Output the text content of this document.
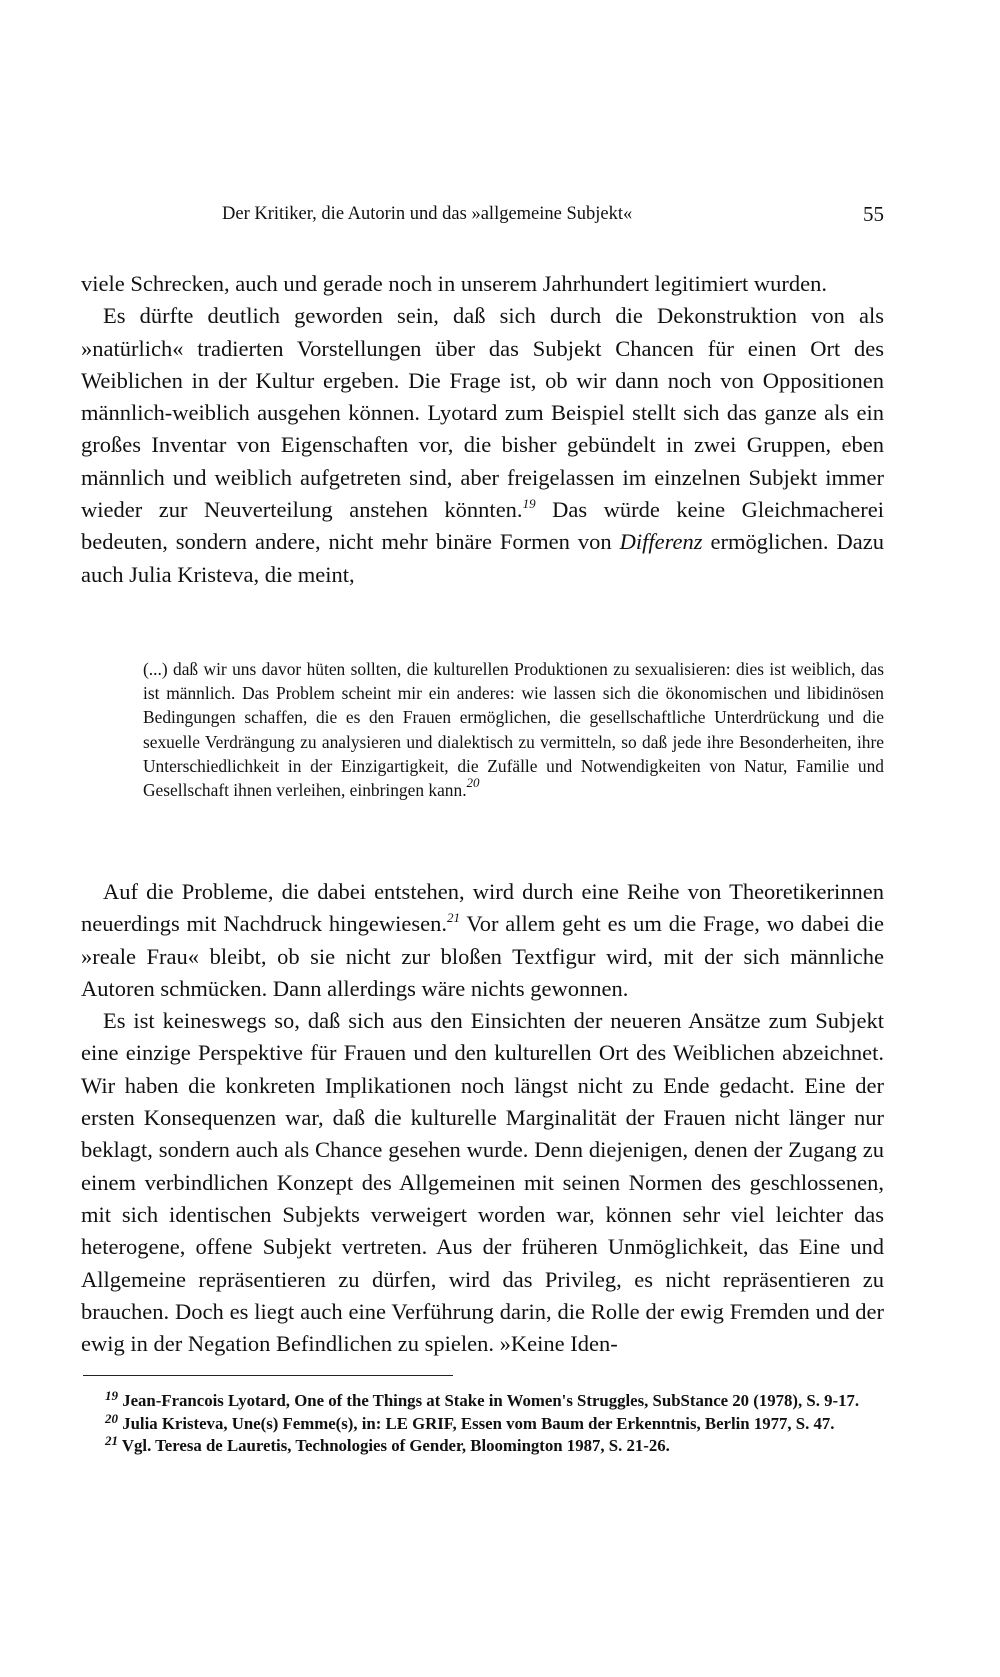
Der Kritiker, die Autorin und das »allgemeine Subjekt«	55

viele Schrecken, auch und gerade noch in unserem Jahrhundert legitimiert wurden.

Es dürfte deutlich geworden sein, daß sich durch die Dekonstruktion von als »natürlich« tradierten Vorstellungen über das Subjekt Chancen für einen Ort des Weiblichen in der Kultur ergeben. Die Frage ist, ob wir dann noch von Oppositionen männlich-weiblich ausgehen können. Lyotard zum Beispiel stellt sich das ganze als ein großes Inventar von Eigenschaften vor, die bisher gebündelt in zwei Gruppen, eben männlich und weiblich aufgetreten sind, aber freigelassen im einzelnen Subjekt immer wieder zur Neuverteilung anstehen könnten.$^{19}$ Das würde keine Gleichmacherei bedeuten, sondern andere, nicht mehr binäre Formen von Differenz ermöglichen. Dazu auch Julia Kristeva, die meint,

(...) daß wir uns davor hüten sollten, die kulturellen Produktionen zu sexualisieren: dies ist weiblich, das ist männlich. Das Problem scheint mir ein anderes: wie lassen sich die ökonomischen und libidinösen Bedingungen schaffen, die es den Frauen ermöglichen, die gesellschaftliche Unterdrückung und die sexuelle Verdrängung zu analysieren und dialektisch zu vermitteln, so daß jede ihre Besonderheiten, ihre Unterschiedlichkeit in der Einzigartigkeit, die Zufälle und Notwendigkeiten von Natur, Familie und Gesellschaft ihnen verleihen, einbringen kann.$^{20}$

Auf die Probleme, die dabei entstehen, wird durch eine Reihe von Theoretikerinnen neuerdings mit Nachdruck hingewiesen.$^{21}$ Vor allem geht es um die Frage, wo dabei die »reale Frau« bleibt, ob sie nicht zur bloßen Textfigur wird, mit der sich männliche Autoren schmücken. Dann allerdings wäre nichts gewonnen.

Es ist keineswegs so, daß sich aus den Einsichten der neueren Ansätze zum Subjekt eine einzige Perspektive für Frauen und den kulturellen Ort des Weiblichen abzeichnet. Wir haben die konkreten Implikationen noch längst nicht zu Ende gedacht. Eine der ersten Konsequenzen war, daß die kulturelle Marginalität der Frauen nicht länger nur beklagt, sondern auch als Chance gesehen wurde. Denn diejenigen, denen der Zugang zu einem verbindlichen Konzept des Allgemeinen mit seinen Normen des geschlossenen, mit sich identischen Subjekts verweigert worden war, können sehr viel leichter das heterogene, offene Subjekt vertreten. Aus der früheren Unmöglichkeit, das Eine und Allgemeine repräsentieren zu dürfen, wird das Privileg, es nicht repräsentieren zu brauchen. Doch es liegt auch eine Verführung darin, die Rolle der ewig Fremden und der ewig in der Negation Befindlichen zu spielen. »Keine Iden-

$^{19}$ Jean-Francois Lyotard, One of the Things at Stake in Women's Struggles, SubStance 20 (1978), S. 9-17.

$^{20}$ Julia Kristeva, Une(s) Femme(s), in: LE GRIF, Essen vom Baum der Erkenntnis, Berlin 1977, S. 47.

$^{21}$ Vgl. Teresa de Lauretis, Technologies of Gender, Bloomington 1987, S. 21-26.
